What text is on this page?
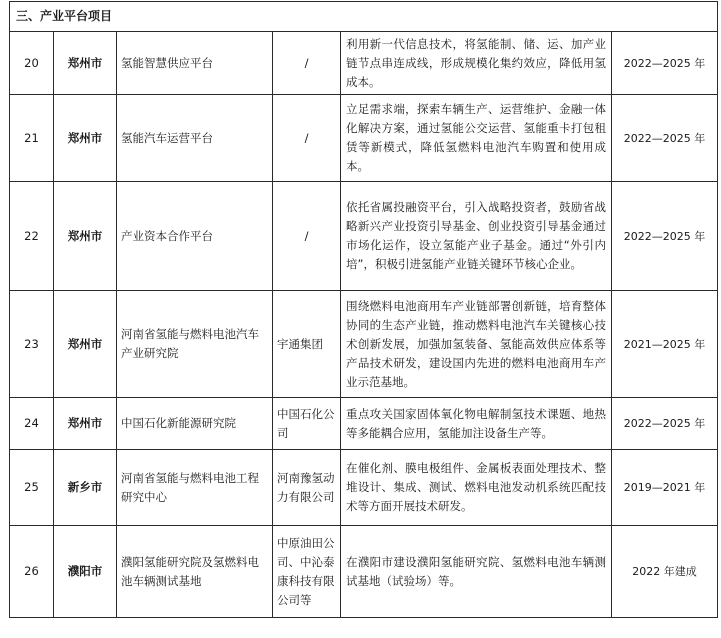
三、产业平台项目					
20	郑州市	氢能智慧供应平台	/	利用新一代信息技术，将氢能制、储、运、加产业链节点串连成线，形成规模化集约效应，降低用氢成本。	2022—2025 年
21	郑州市	氢能汽车运营平台	/	立足需求端，探索车辆生产、运营维护、金融一体化解决方案，通过氢能公交运营、氢能重卡打包租赁等新模式，降低氢燃料电池汽车购置和使用成本。	2022—2025 年
22	郑州市	产业资本合作平台	/	依托省属投融资平台，引入战略投资者，鼓励省战略新兴产业投资引导基金、创业投资引导基金通过市场化运作，设立氢能产业子基金。通过“外引内培”，积极引进氢能产业链关键环节核心企业。	2022—2025 年
23	郑州市	河南省氢能与燃料电池汽车产业研究院	宇通集团	围绕燃料电池商用车产业链部署创新链，培育整体协同的生态产业链，推动燃料电池汽车关键核心技术创新发展，加强加氢装备、氢能高效供应体系等产品技术研发，建设国内先进的燃料电池商用车产业示范基地。	2021—2025 年
24	郑州市	中国石化新能源研究院	中国石化公司	重点攻关国家固体氧化物电解制氢技术课题、地热等多能耦合应用，氢能加注设备生产等。	2022—2025 年
25	新乡市	河南省氢能与燃料电池工程研究中心	河南豫氢动力有限公司	在催化剂、膜电极组件、金属板表面处理技术、整堆设计、集成、测试、燃料电池发动机系统匹配技术等方面开展技术研发。	2019—2021 年
26	濮阳市	濮阳氢能研究院及氢燃料电池车辆测试基地	中原油田公司、中沁泰康科技有限公司等	在濮阳市建设濮阳氢能研究院、氢燃料电池车辆测试基地（试验场）等。	2022 年建成
